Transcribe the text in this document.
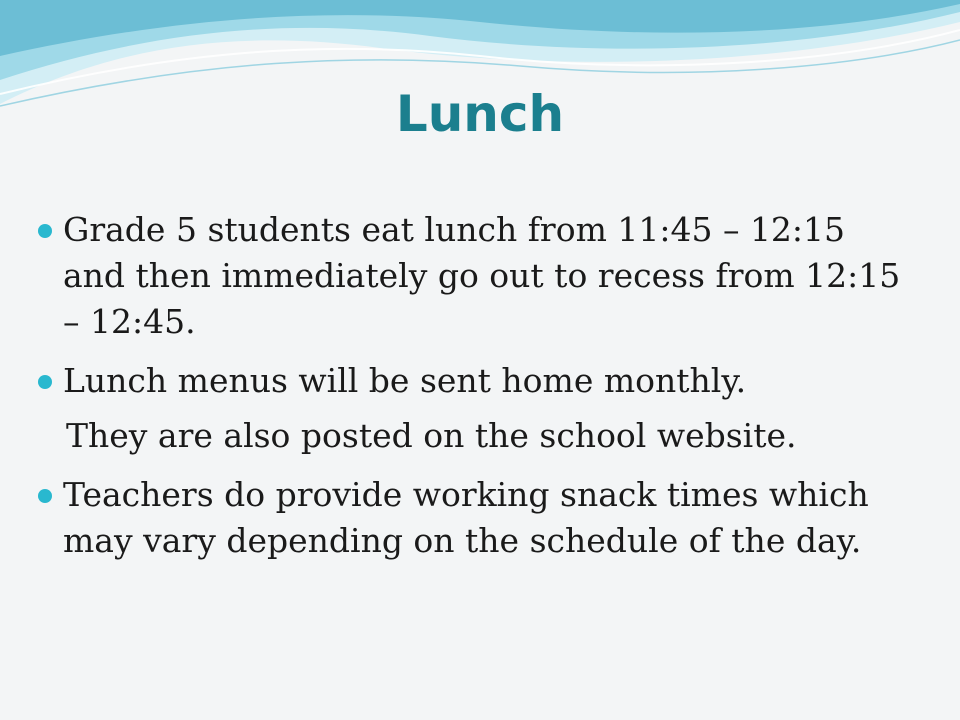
Lunch
Grade 5 students eat lunch from 11:45 – 12:15 and then immediately go out to recess from 12:15 – 12:45.
Lunch menus will be sent home monthly.
They are also posted on the school website.
Teachers do provide working snack times which may vary depending on the schedule of the day.
